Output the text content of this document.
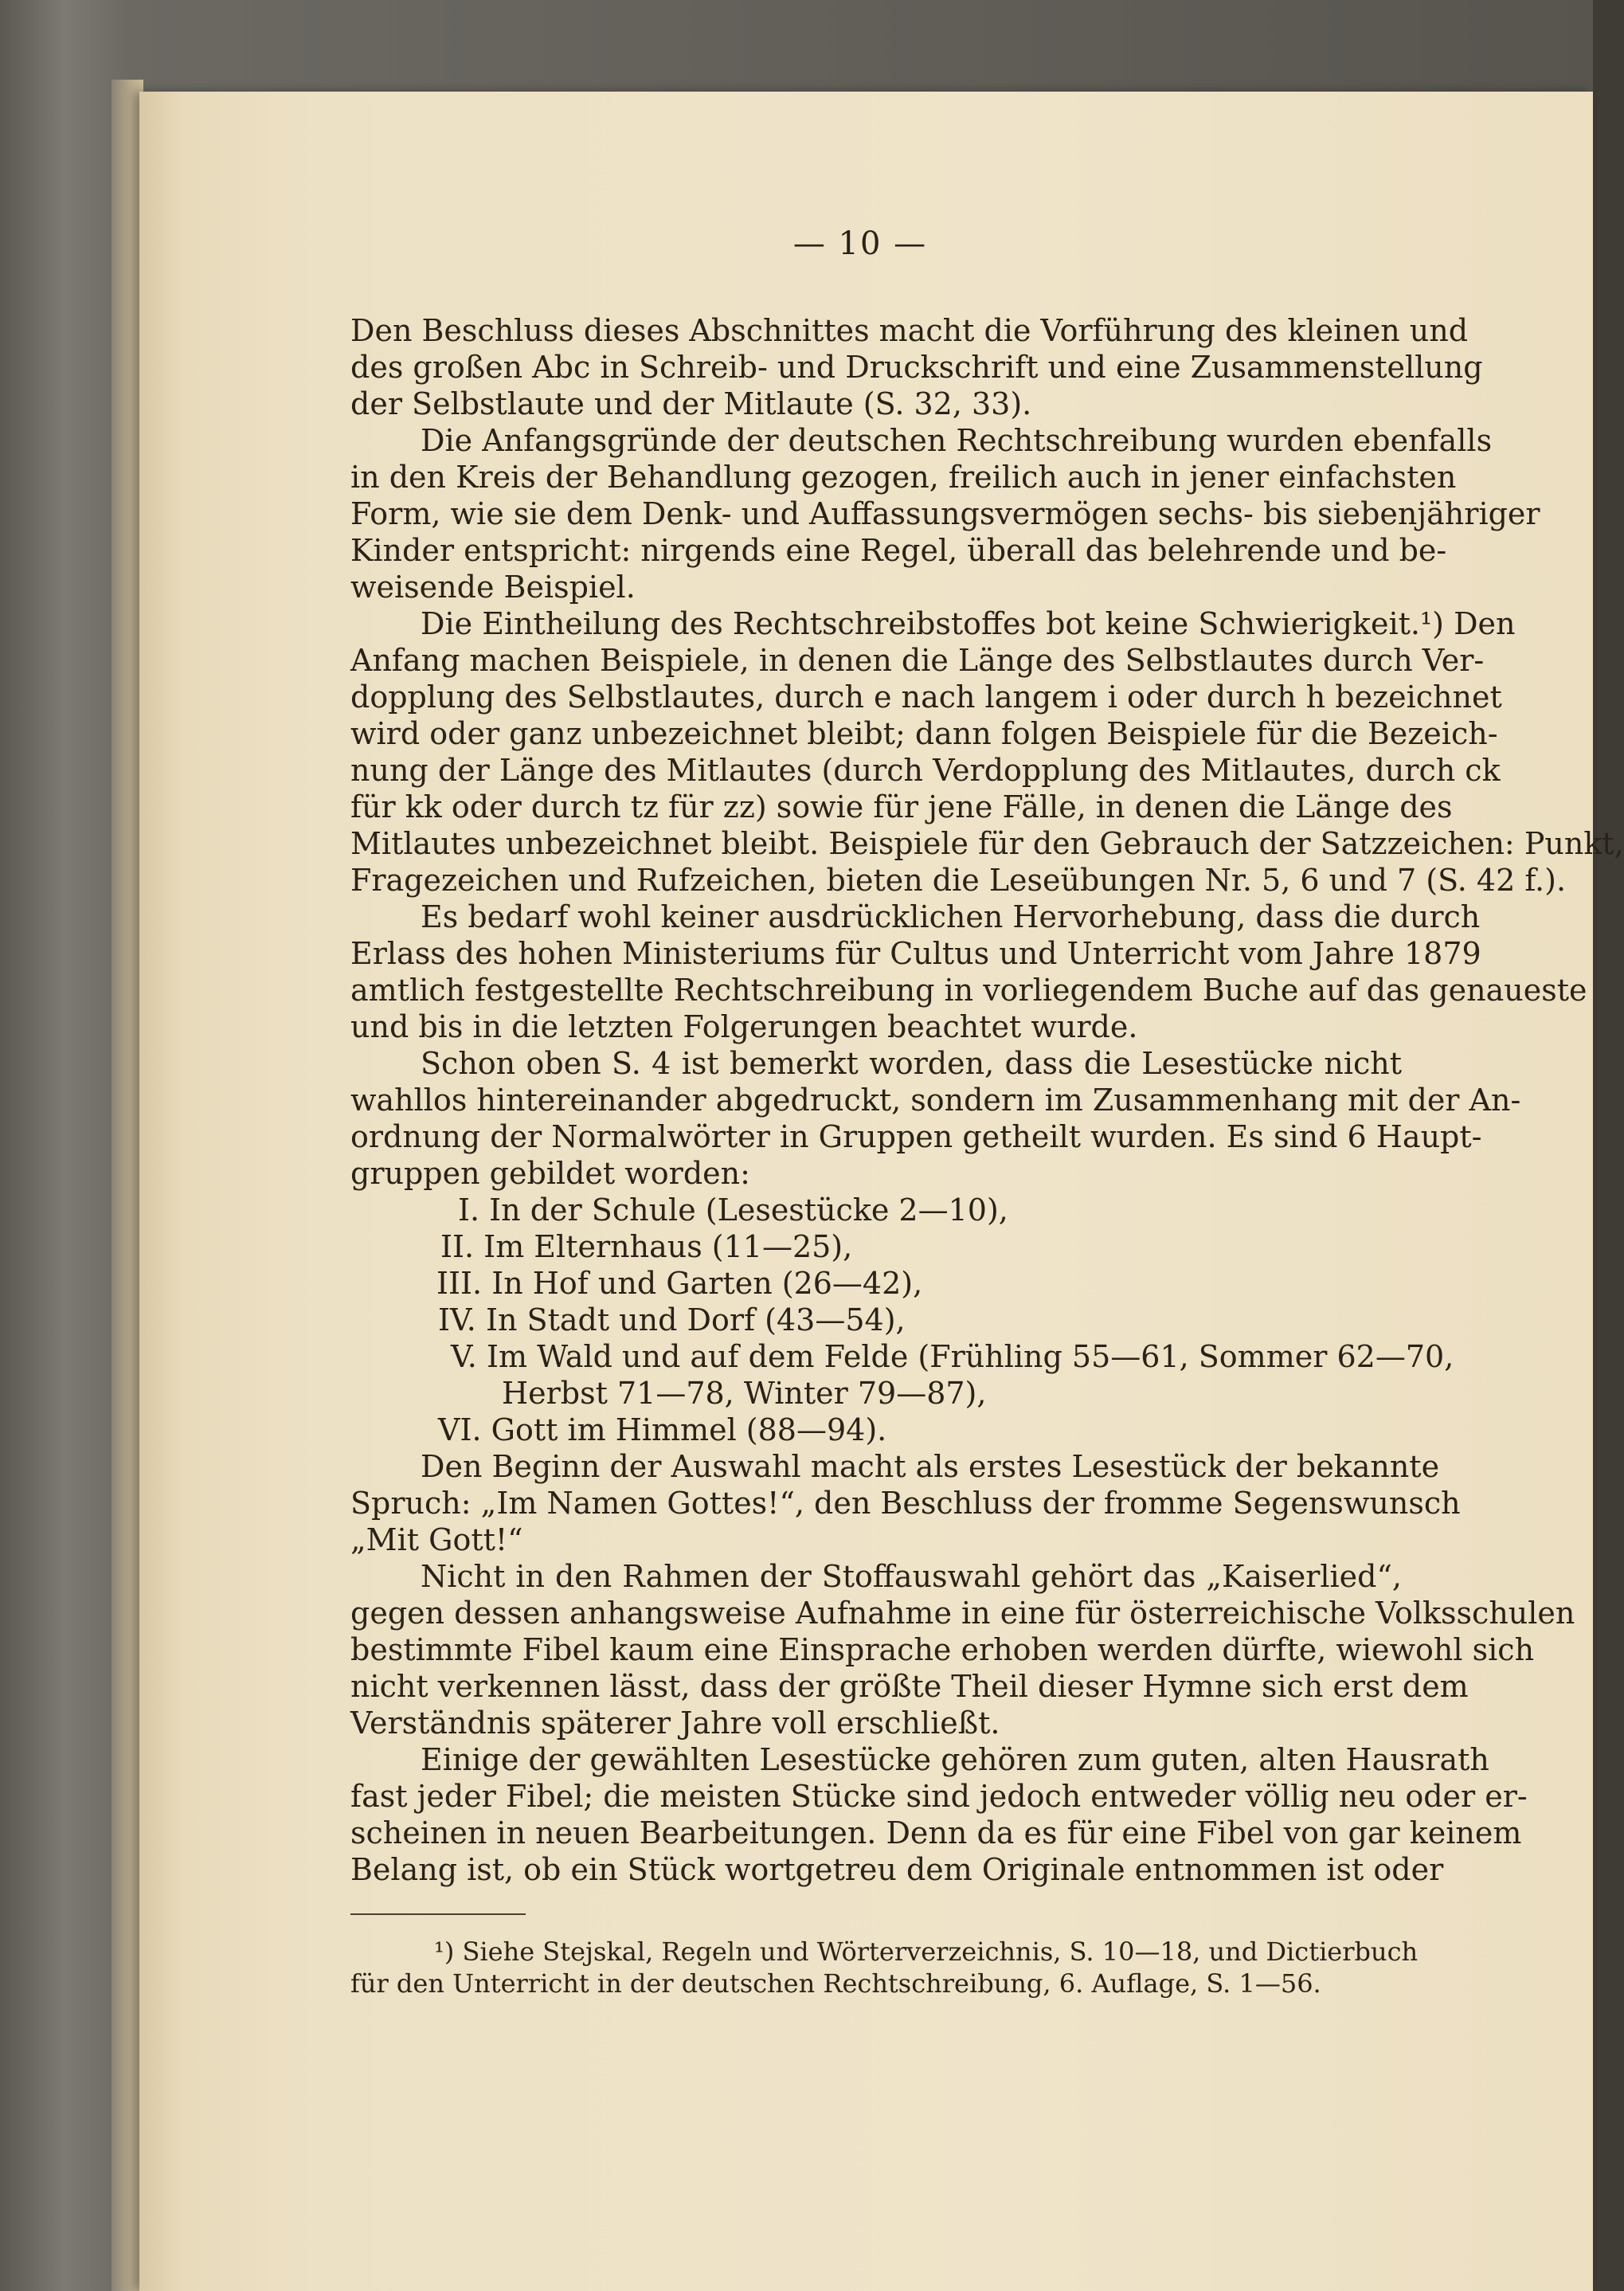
— 10 —
Den Beschluss dieses Abschnittes macht die Vorführung des kleinen und
des großen Abc in Schreib- und Druckschrift und eine Zusammenstellung
der Selbstlaute und der Mitlaute (S. 32, 33).
Die Anfangsgründe der deutschen Rechtschreibung wurden ebenfalls
in den Kreis der Behandlung gezogen, freilich auch in jener einfachsten
Form, wie sie dem Denk- und Auffassungsvermögen sechs- bis siebenjähriger
Kinder entspricht: nirgends eine Regel, überall das belehrende und be-
weisende Beispiel.
Die Eintheilung des Rechtschreibstoffes bot keine Schwierigkeit.¹) Den
Anfang machen Beispiele, in denen die Länge des Selbstlautes durch Ver-
dopplung des Selbstlautes, durch e nach langem i oder durch h bezeichnet
wird oder ganz unbezeichnet bleibt; dann folgen Beispiele für die Bezeich-
nung der Länge des Mitlautes (durch Verdopplung des Mitlautes, durch ck
für kk oder durch tz für zz) sowie für jene Fälle, in denen die Länge des
Mitlautes unbezeichnet bleibt. Beispiele für den Gebrauch der Satzzeichen: Punkt,
Fragezeichen und Rufzeichen, bieten die Leseübungen Nr. 5, 6 und 7 (S. 42 f.).
Es bedarf wohl keiner ausdrücklichen Hervorhebung, dass die durch
Erlass des hohen Ministeriums für Cultus und Unterricht vom Jahre 1879
amtlich festgestellte Rechtschreibung in vorliegendem Buche auf das genaueste
und bis in die letzten Folgerungen beachtet wurde.
Schon oben S. 4 ist bemerkt worden, dass die Lesestücke nicht
wahllos hintereinander abgedruckt, sondern im Zusammenhang mit der An-
ordnung der Normalwörter in Gruppen getheilt wurden. Es sind 6 Haupt-
gruppen gebildet worden:
I. In der Schule (Lesestücke 2—10),
II. Im Elternhaus (11—25),
III. In Hof und Garten (26—42),
IV. In Stadt und Dorf (43—54),
V. Im Wald und auf dem Felde (Frühling 55—61, Sommer 62—70,
Herbst 71—78, Winter 79—87),
VI. Gott im Himmel (88—94).
Den Beginn der Auswahl macht als erstes Lesestück der bekannte
Spruch: „Im Namen Gottes!“, den Beschluss der fromme Segenswunsch
„Mit Gott!“
Nicht in den Rahmen der Stoffauswahl gehört das „Kaiserlied“,
gegen dessen anhangsweise Aufnahme in eine für österreichische Volksschulen
bestimmte Fibel kaum eine Einsprache erhoben werden dürfte, wiewohl sich
nicht verkennen lässt, dass der größte Theil dieser Hymne sich erst dem
Verständnis späterer Jahre voll erschließt.
Einige der gewählten Lesestücke gehören zum guten, alten Hausrath
fast jeder Fibel; die meisten Stücke sind jedoch entweder völlig neu oder er-
scheinen in neuen Bearbeitungen. Denn da es für eine Fibel von gar keinem
Belang ist, ob ein Stück wortgetreu dem Originale entnommen ist oder
¹) Siehe Stejskal, Regeln und Wörterverzeichnis, S. 10—18, und Dictierbuch
für den Unterricht in der deutschen Rechtschreibung, 6. Auflage, S. 1—56.
